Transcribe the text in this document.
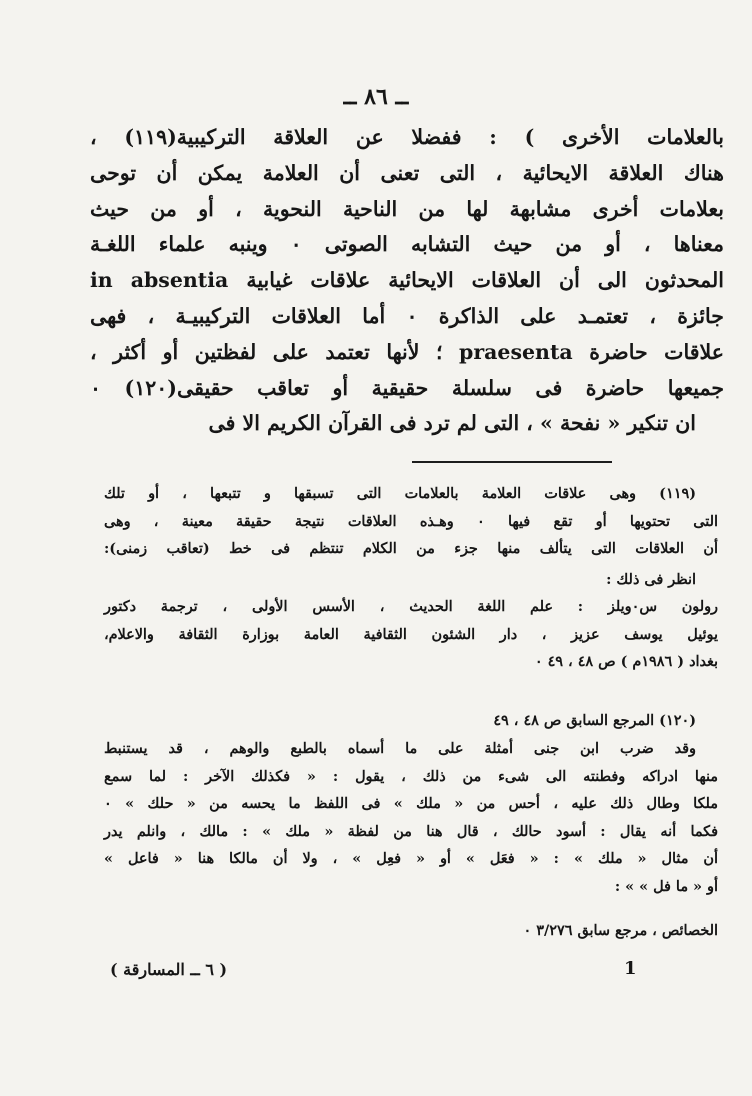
ــ ٨٦ ــ

بالعلامات الأخرى ) : ففضلا عن العلاقة التركيبية(١١٩) ،

هناك العلاقة الايحائية ، التى تعنى أن العلامة يمكن أن توحى

بعلامات أخرى مشابهة لها من الناحية النحوية ، أو من حيث

معناها ، أو من حيث التشابه الصوتى ٠ وينبه علماء اللغـة

المحدثون الى أن العلاقات الايحائية علاقات غيابية in absentia

جائزة ، تعتمـد على الذاكرة ٠ أما العلاقات التركيبيـة ، فهى

علاقات حاضرة praesenta ؛ لأنها تعتمد على لفظتين أو أكثر ،

جميعها حاضرة فى سلسلة حقيقية أو تعاقب حقيقى(١٢٠) ٠

ان تنكير « نفحة » ، التى لم ترد فى القرآن الكريم الا فى

(١١٩) وهى علاقات العلامة بالعلامات التى تسبقها و تتبعها ، أو تلك

التى تحتويها أو تقع فيها ٠ وهـذه العلاقات نتيجة حقيقة معينة ، وهى

أن العلاقات التى يتألف منها جزء من الكلام تنتظم فى خط (تعاقب زمنى):

انظر فى ذلك :

رولون س٠ويلز : علم اللغة الحديث ، الأسس الأولى ، ترجمة دكتور

يوئيل يوسف عزيز ، دار الشئون الثقافية العامة بوزارة الثقافة والاعلام،

بغداد ( ١٩٨٦م ) ص ٤٨ ، ٤٩ ٠

(١٢٠) المرجع السابق ص ٤٨ ، ٤٩

وقد ضرب ابن جنى أمثلة على ما أسماه بالطبع والوهم ، قد يستنبط

منها ادراكه وفطنته الى شىء من ذلك ، يقول : « فكذلك الآخر : لما سمع

ملكا وطال ذلك عليه ، أحس من « ملك » فى اللفظ ما يحسه من « حلك » ٠

فكما أنه يقال : أسود حالك ، قال هنا من لفظة « ملك » : مالك ، وانلم يدر

أن مثال « ملك » : « فعَل » أو « فعِل » ، ولا أن مالكا هنا « فاعل »

أو « ما فل » » :

الخصائص ، مرجع سابق ٣/٢٧٦ ٠

( ٦ ــ المسارقة )	1
